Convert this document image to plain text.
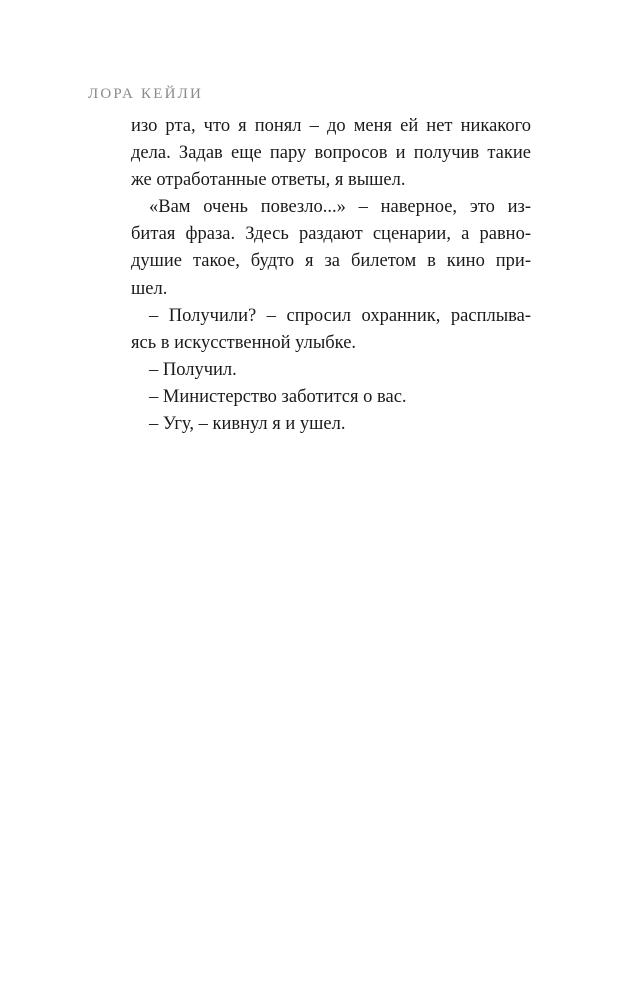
ЛОРА КЕЙЛИ
изо рта, что я понял – до меня ей нет никакого
дела. Задав еще пару вопросов и получив такие
же отработанные ответы, я вышел.
«Вам очень повезло...» – наверное, это из-
битая фраза. Здесь раздают сценарии, а равно-
душие такое, будто я за билетом в кино при-
шел.
– Получили? – спросил охранник, расплыва-
ясь в искусственной улыбке.
– Получил.
– Министерство заботится о вас.
– Угу, – кивнул я и ушел.
